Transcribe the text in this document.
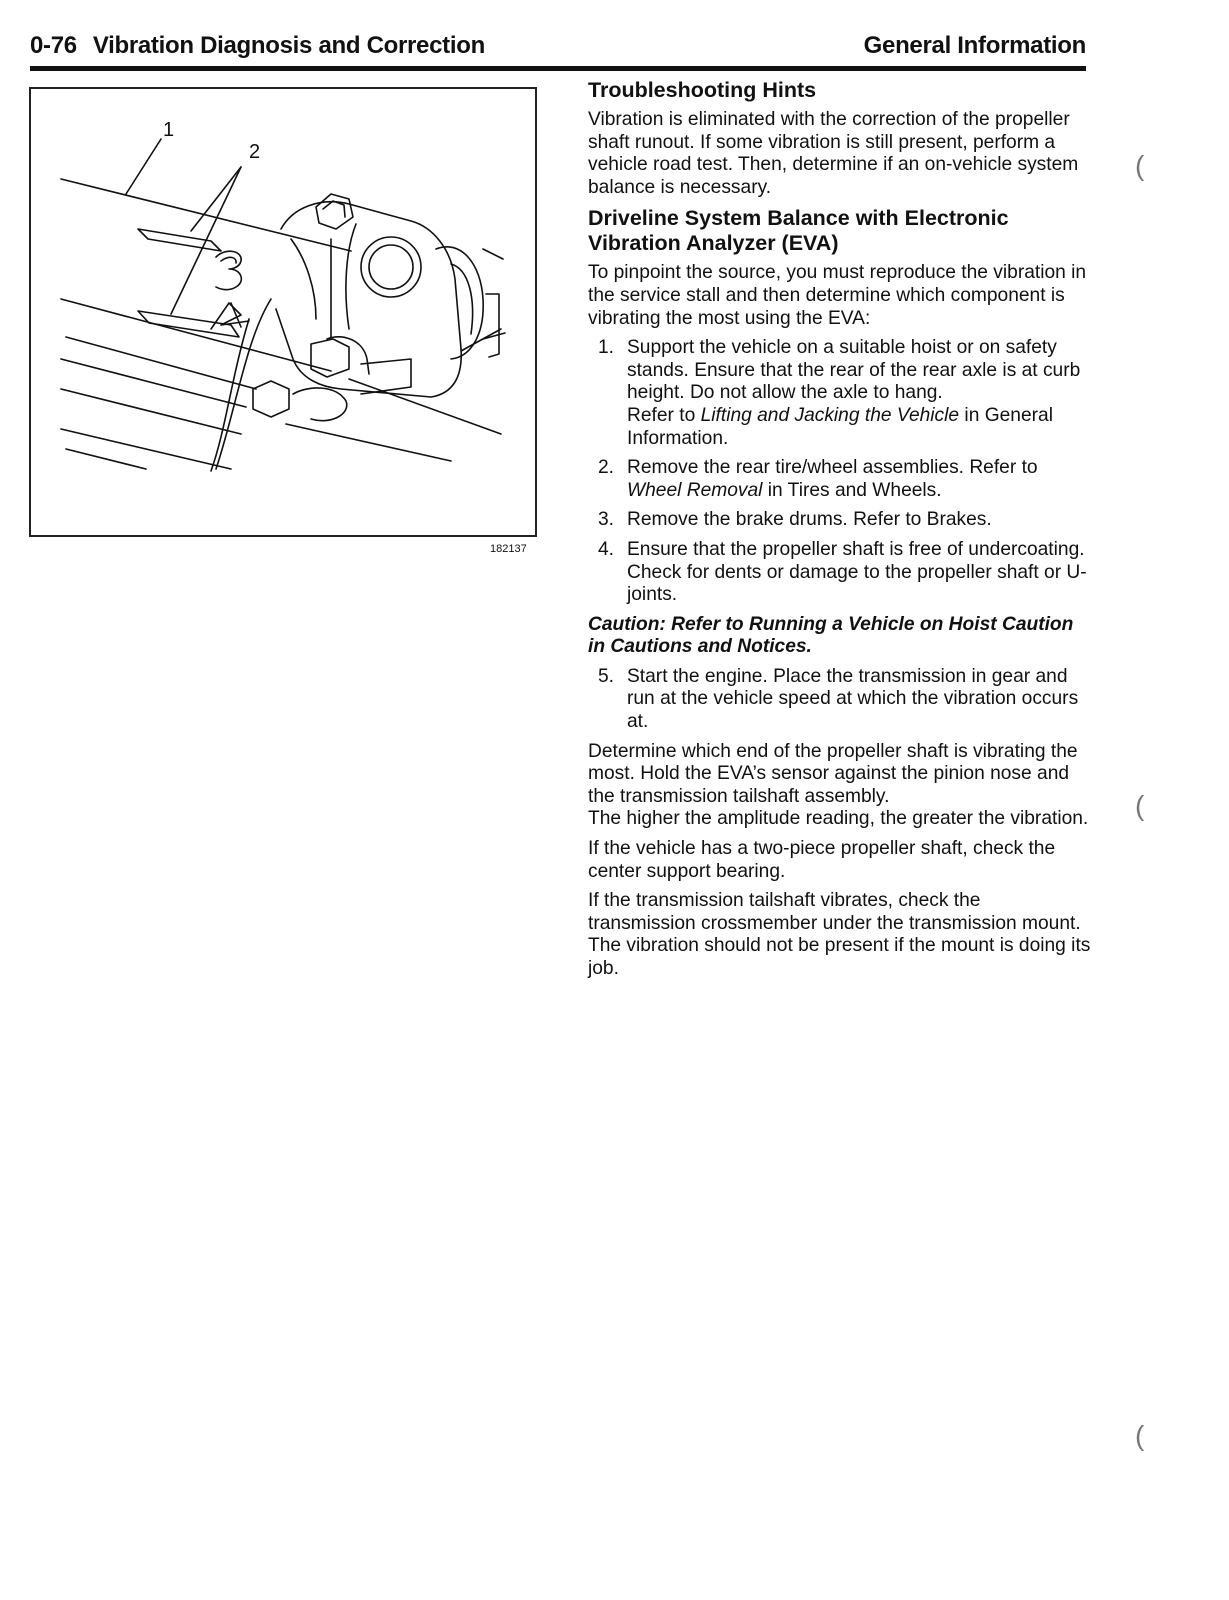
0-76 Vibration Diagnosis and Correction	General Information
1
2
182137
Troubleshooting Hints

Vibration is eliminated with the correction of the propeller shaft runout. If some vibration is still present, perform a vehicle road test. Then, determine if an on-vehicle system balance is necessary.

Driveline System Balance with Electronic Vibration Analyzer (EVA)

To pinpoint the source, you must reproduce the vibration in the service stall and then determine which component is vibrating the most using the EVA:

1. Support the vehicle on a suitable hoist or on safety stands. Ensure that the rear of the rear axle is at curb height. Do not allow the axle to hang.
Refer to Lifting and Jacking the Vehicle in General Information.
2. Remove the rear tire/wheel assemblies. Refer to Wheel Removal in Tires and Wheels.
3. Remove the brake drums. Refer to Brakes.
4. Ensure that the propeller shaft is free of undercoating. Check for dents or damage to the propeller shaft or U-joints.

Caution: Refer to Running a Vehicle on Hoist Caution in Cautions and Notices.

5. Start the engine. Place the transmission in gear and run at the vehicle speed at which the vibration occurs at.

Determine which end of the propeller shaft is vibrating the most. Hold the EVA’s sensor against the pinion nose and the transmission tailshaft assembly.

The higher the amplitude reading, the greater the vibration.

If the vehicle has a two-piece propeller shaft, check the center support bearing.

If the transmission tailshaft vibrates, check the transmission crossmember under the transmission mount. The vibration should not be present if the mount is doing its job.

(
(
(
